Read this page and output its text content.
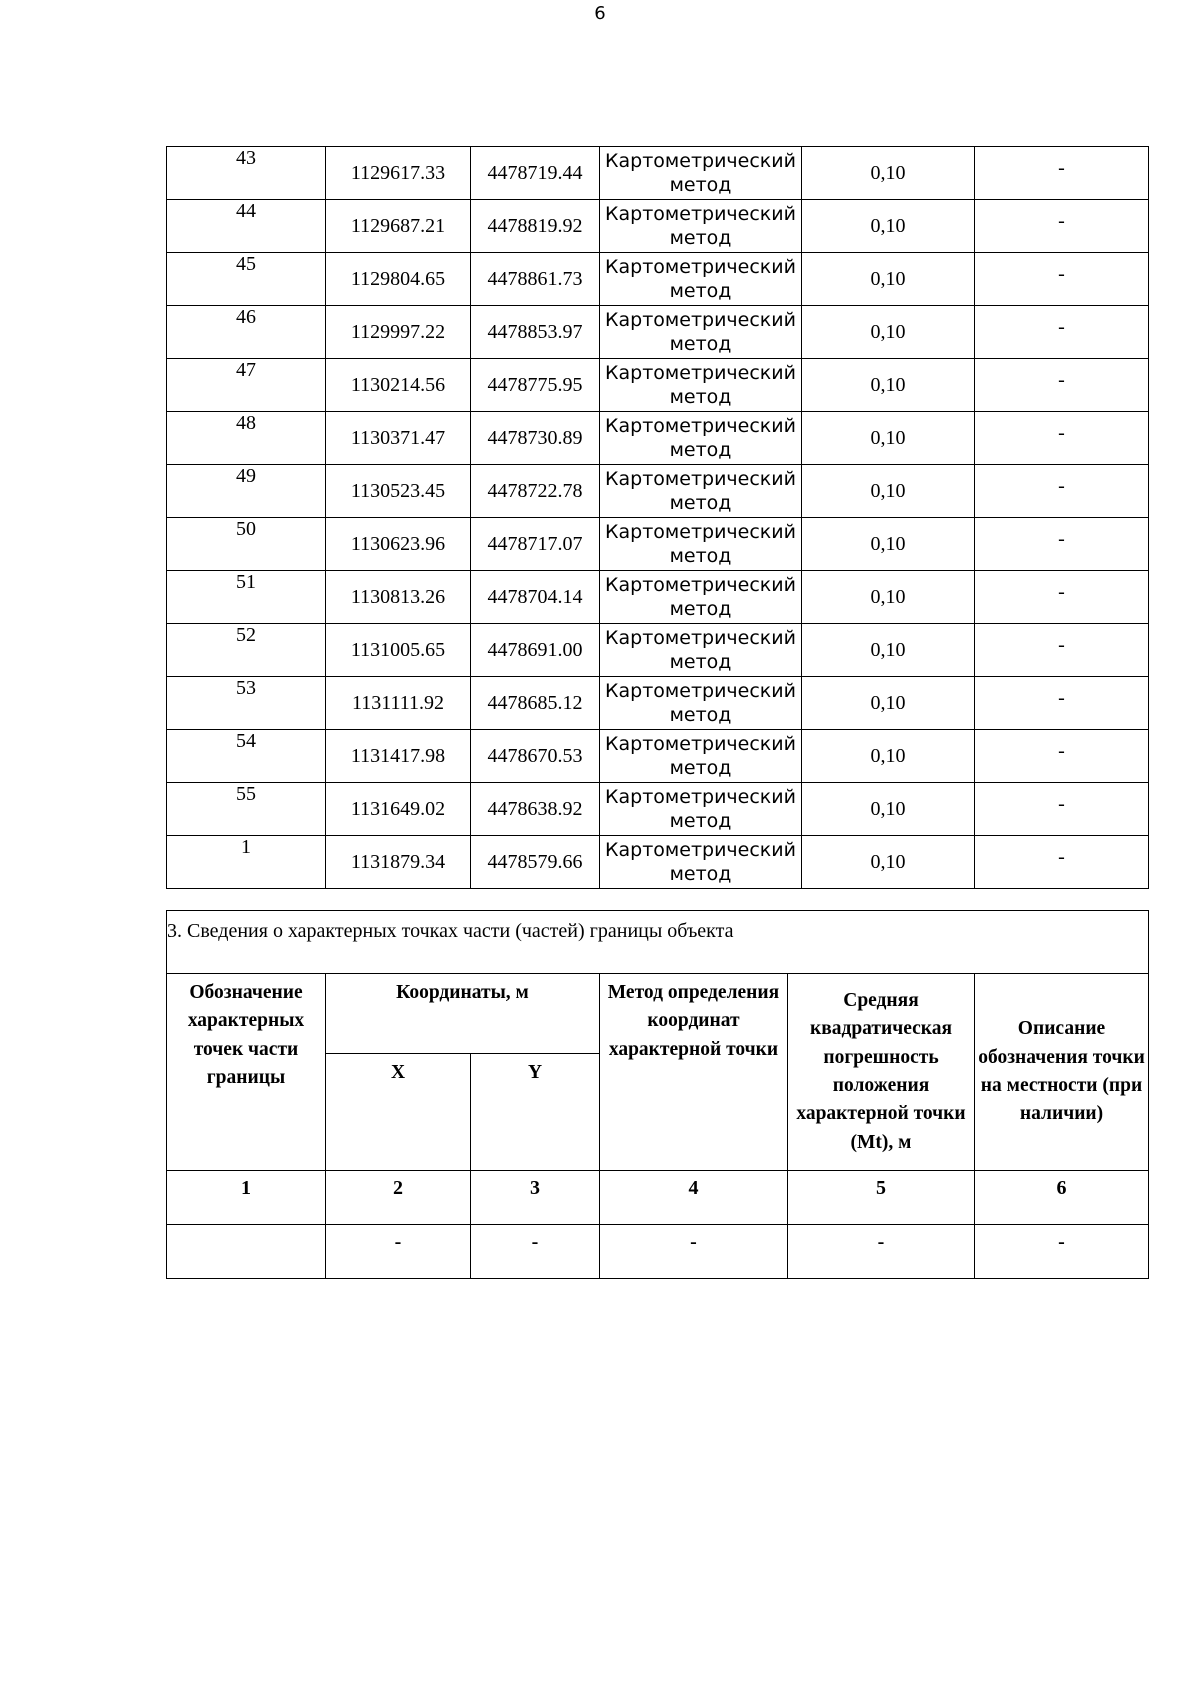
6
43	1129617.33	4478719.44	Картометрический метод	0,10	-
44	1129687.21	4478819.92	Картометрический метод	0,10	-
45	1129804.65	4478861.73	Картометрический метод	0,10	-
46	1129997.22	4478853.97	Картометрический метод	0,10	-
47	1130214.56	4478775.95	Картометрический метод	0,10	-
48	1130371.47	4478730.89	Картометрический метод	0,10	-
49	1130523.45	4478722.78	Картометрический метод	0,10	-
50	1130623.96	4478717.07	Картометрический метод	0,10	-
51	1130813.26	4478704.14	Картометрический метод	0,10	-
52	1131005.65	4478691.00	Картометрический метод	0,10	-
53	1131111.92	4478685.12	Картометрический метод	0,10	-
54	1131417.98	4478670.53	Картометрический метод	0,10	-
55	1131649.02	4478638.92	Картометрический метод	0,10	-
1	1131879.34	4478579.66	Картометрический метод	0,10	-
3. Сведения о характерных точках части (частей) границы объекта					
Обозначение характерных точек части границы	Координаты, м		Метод определения координат характерной точки	Средняя квадратическая погрешность положения характерной точки (Mt), м	Описание обозначения точки на местности (при наличии)
	X	Y			
1	2	3	4	5	6
	-	-	-	-	-
